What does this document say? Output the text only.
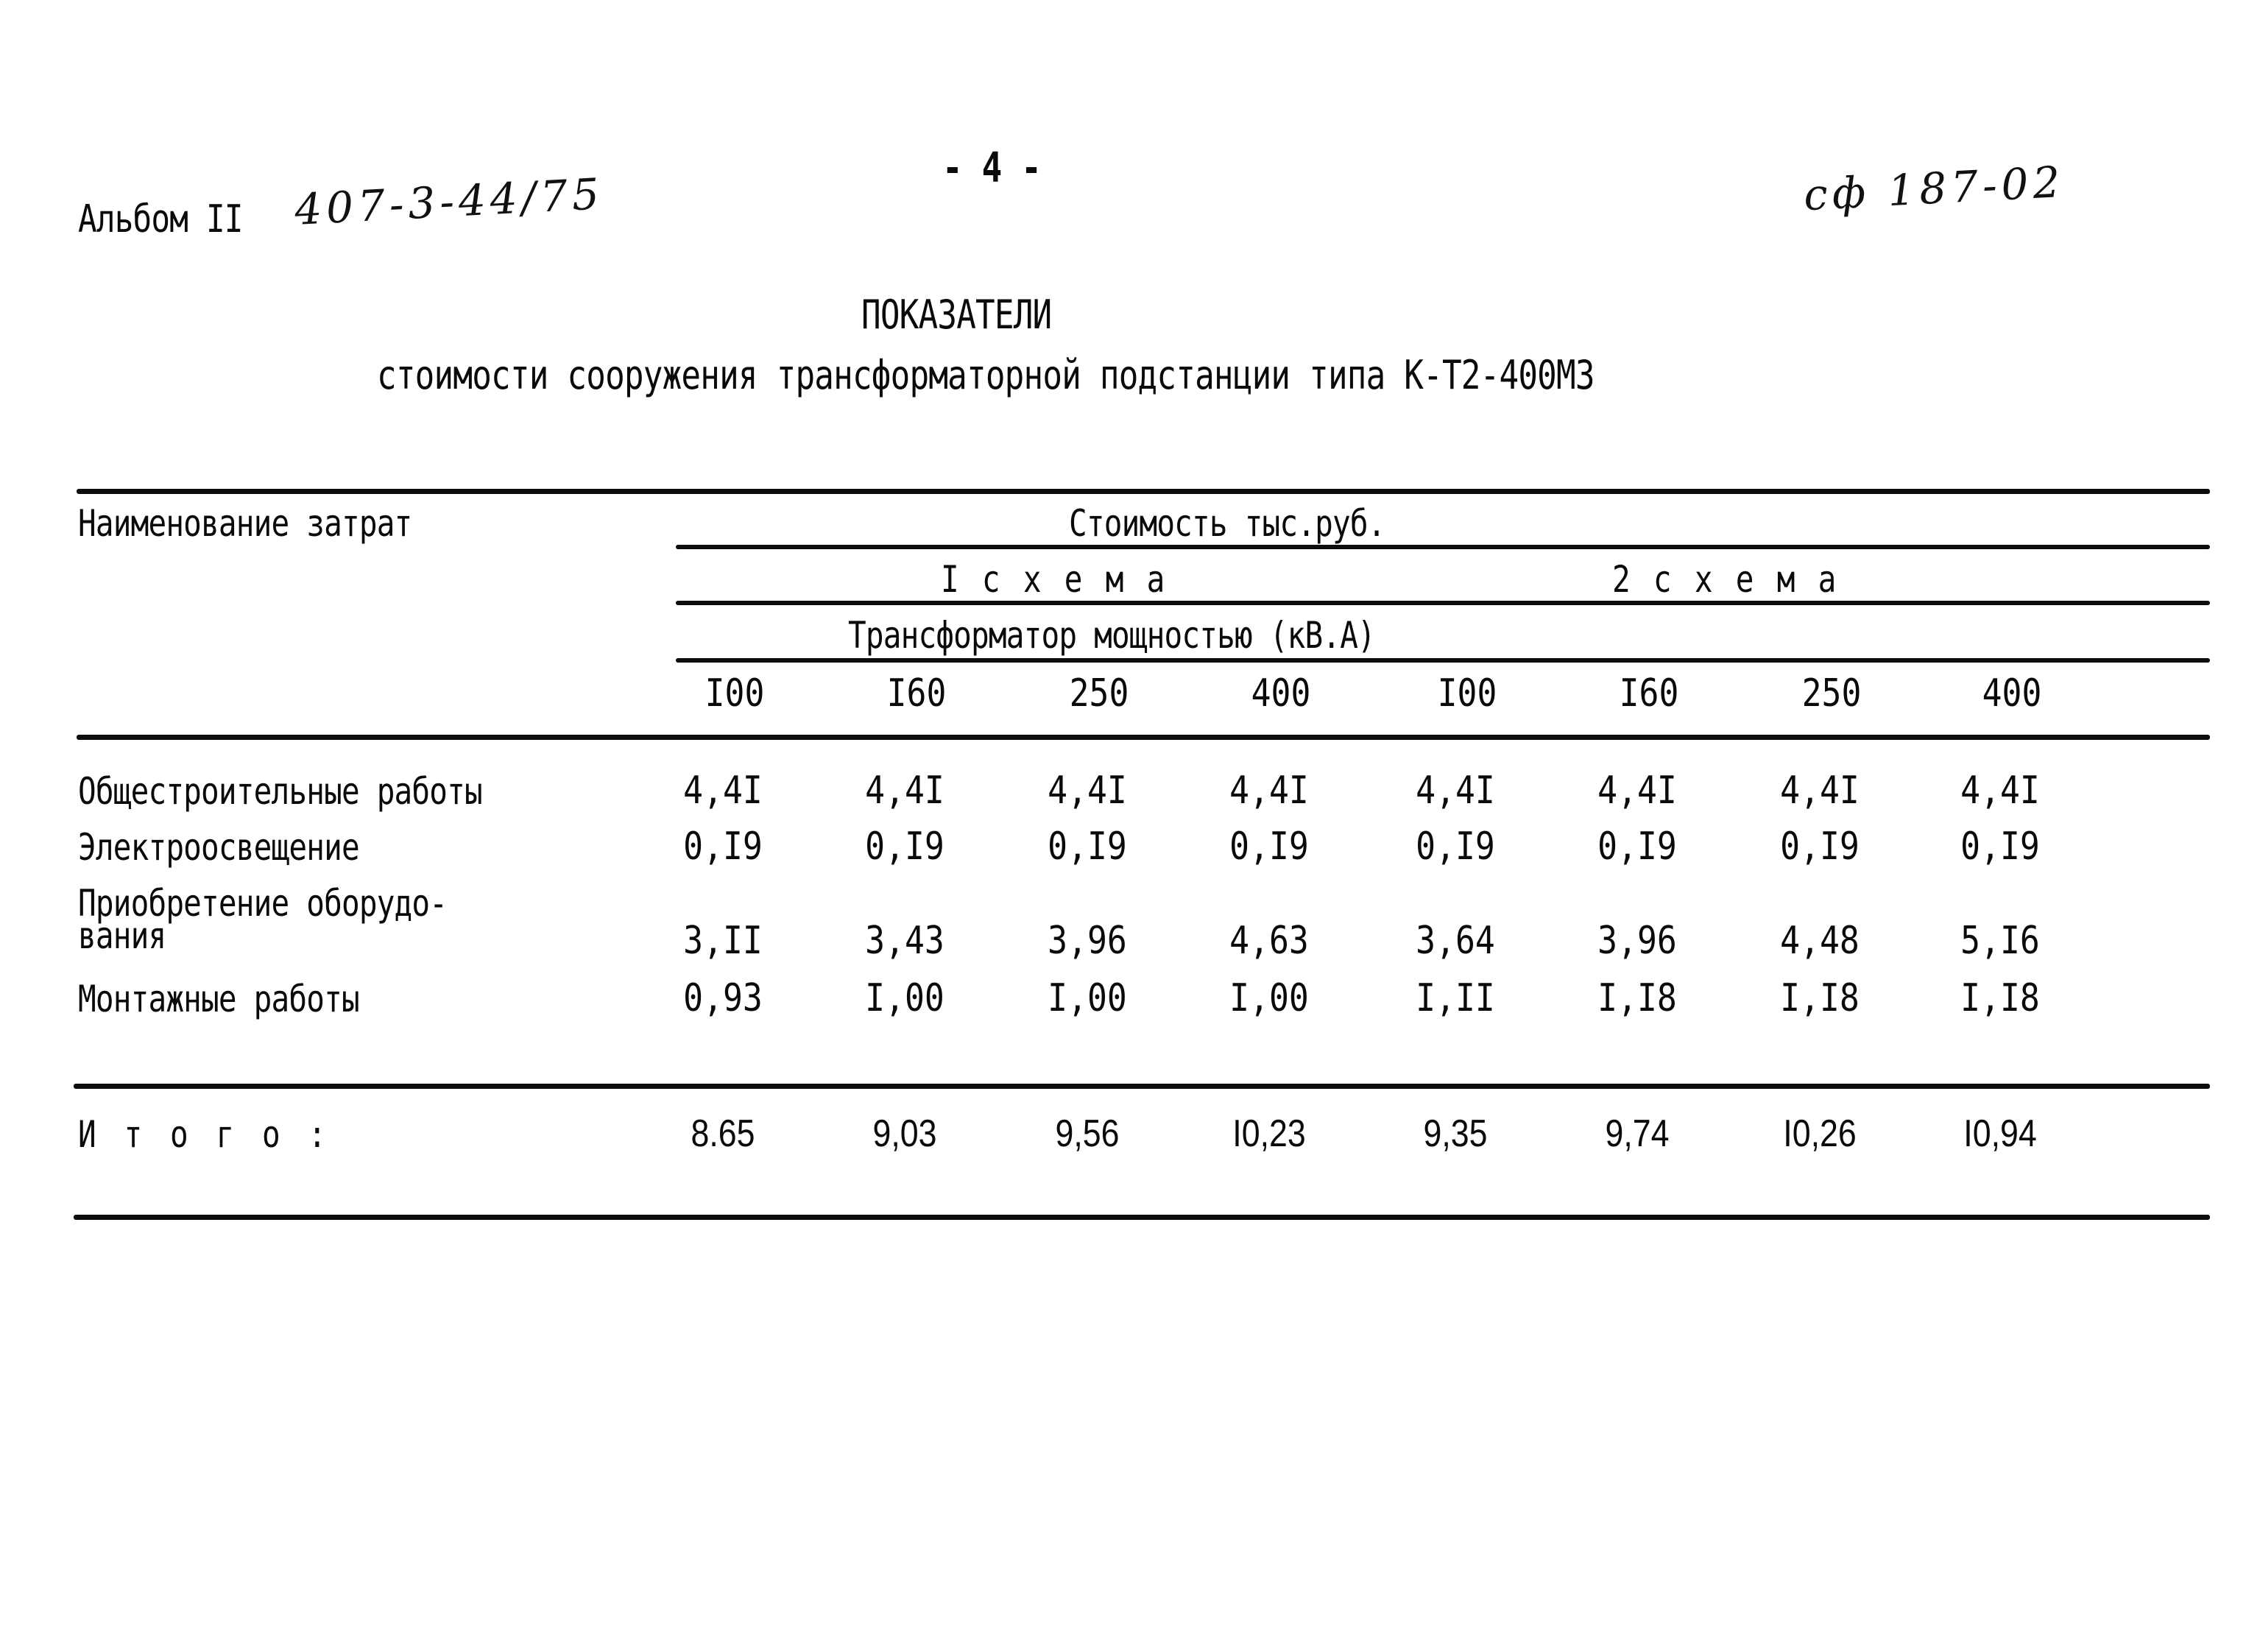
Альбом II 407-3-44/75
- 4 -	сф 187-02
ПОКАЗАТЕЛИ
стоимости сооружения трансформаторной подстанции типа К-Т2-400М3
Наименование затрат	Стоимость тыс.руб.
I с х е м а	2 с х е м а
Трансформатор мощностью (кВ.А)
I00	I60	250	400	I00	I60	250	400
Общестроительные работы	4,4I	4,4I	4,4I	4,4I	4,4I	4,4I	4,4I	4,4I
Электроосвещение	0,I9	0,I9	0,I9	0,I9	0,I9	0,I9	0,I9	0,I9
Приобретение оборудо-
вания	3,II	3,43	3,96	4,63	3,64	3,96	4,48	5,I6
Монтажные работы	0,93	I,00	I,00	I,00	I,II	I,I8	I,I8	I,I8
И т о г о :	8.65	9,03	9,56	I0,23	9,35	9,74	I0,26	I0,94
